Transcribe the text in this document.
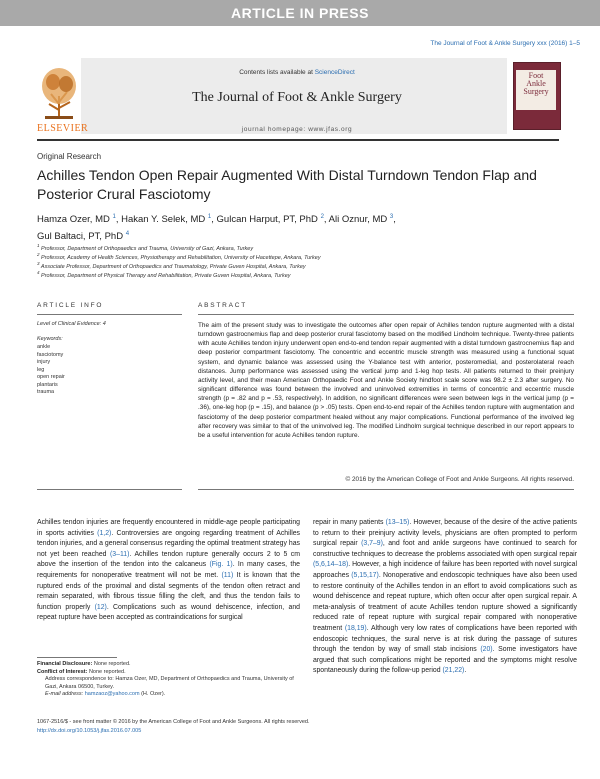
ARTICLE IN PRESS
The Journal of Foot & Ankle Surgery xxx (2016) 1–5
ELSEVIER
Contents lists available at ScienceDirect
The Journal of Foot & Ankle Surgery
journal homepage: www.jfas.org
Foot
Ankle
Surgery
Original Research
Achilles Tendon Open Repair Augmented With Distal Turndown Tendon Flap and Posterior Crural Fasciotomy
Hamza Ozer, MD $^1$, Hakan Y. Selek, MD $^1$, Gulcan Harput, PT, PhD $^2$, Ali Oznur, MD $^3$,
Gul Baltaci, PT, PhD $^4$
$^1$ Professor, Department of Orthopaedics and Trauma, University of Gazi, Ankara, Turkey
$^2$ Professor, Academy of Health Sciences, Physiotherapy and Rehabilitation, University of Hacettepe, Ankara, Turkey
$^3$ Associate Professor, Department of Orthopaedics and Traumatology, Private Guven Hospital, Ankara, Turkey
$^4$ Professor, Department of Physical Therapy and Rehabilitation, Private Guven Hospital, Ankara, Turkey
ARTICLE INFO	ABSTRACT
Level of Clinical Evidence: 4
Keywords:
ankle
fasciotomy
injury
leg
open repair
plantaris
trauma
The aim of the present study was to investigate the outcomes after open repair of Achilles tendon rupture augmented with a distal turndown gastrocnemius flap and deep posterior crural fasciotomy based on the modified Lindholm technique. Twenty-three patients with acute Achilles tendon injury underwent open end-to-end tendon repair augmented with a distal turndown gastrocnemius flap and deep posterior compartment fasciotomy. The concentric and eccentric muscle strength was measured using a functional squat system, and dynamic balance was assessed using the Y-balance test with anterior, posteromedial, and posterolateral reach distances. Jump performance was assessed using the vertical jump and 1-leg hop tests. All patients returned to their preinjury activity level, and their mean American Orthopaedic Foot and Ankle Society hindfoot scale score was 98.2 ± 2.3 after surgery. No significant difference was found between the involved and uninvolved extremities in terms of concentric and eccentric muscle strength (p = .82 and p = .53, respectively). In addition, no significant differences were seen between legs in the vertical jump (p = .36), one-leg hop (p = .15), and balance (p > .05) tests. Open end-to-end repair of the Achilles tendon rupture with augmentation and fasciotomy of the deep posterior compartment healed without any major complications. Functional performance of the involved leg after recovery was similar to that of the uninvolved leg. The modified Lindholm surgical technique described in our report appears to be a useful intervention for acute Achilles tendon rupture.
© 2016 by the American College of Foot and Ankle Surgeons. All rights reserved.
Achilles tendon injuries are frequently encountered in middle-age people participating in sports activities (1,2). Controversies are ongoing regarding treatment of Achilles tendon injuries, and a general consensus regarding the optimal treatment strategy has not yet been reached (3–11). Achilles tendon rupture generally occurs 2 to 5 cm above the insertion of the tendon into the calcaneus (Fig. 1). In many cases, the requirements for nonoperative treatment will not be met. (11) It is known that the ruptured ends of the proximal and distal segments of the tendon often retract and remain separated, with fibrous tissue filling the cleft, and thus the tendon fails to function properly (12). Complications such as wound dehiscence, infection, and repeat rupture have been accepted as contraindications for surgical
repair in many patients (13–15). However, because of the desire of the active patients to return to their preinjury activity levels, physicians are often prompted to perform surgical repair (3,7–9), and foot and ankle surgeons have continued to search for constructive techniques to decrease the problems associated with open surgical repair (5,6,14–18). However, a high incidence of failure has been reported with novel surgical approaches (5,15,17). Nonoperative and endoscopic techniques have also been used to restore continuity of the Achilles tendon in an effort to avoid complications such as wound dehiscence and repeat rupture, which often occur after open surgical repair. A meta-analysis of treatment of acute Achilles tendon rupture showed a significantly reduced rate of repeat rupture with surgical repair compared with nonoperative treatment (18,19). Although very low rates of complications have been reported with endoscopic techniques, the sural nerve is at risk during the passage of sutures through the tendon by way of small stab incisions (20). Some investigators have argued that such complications might be reported and the symptoms might resolve spontaneously during the follow-up period (21,22).
Financial Disclosure: None reported.
Conflict of Interest: None reported.
Address correspondence to: Hamza Ozer, MD, Department of Orthopaedics and Trauma, University of Gazi, Ankara 06500, Turkey.
E-mail address: hamzaoz@yahoo.com (H. Ozer).
1067-2516/$ - see front matter © 2016 by the American College of Foot and Ankle Surgeons. All rights reserved.
http://dx.doi.org/10.1053/j.jfas.2016.07.005
